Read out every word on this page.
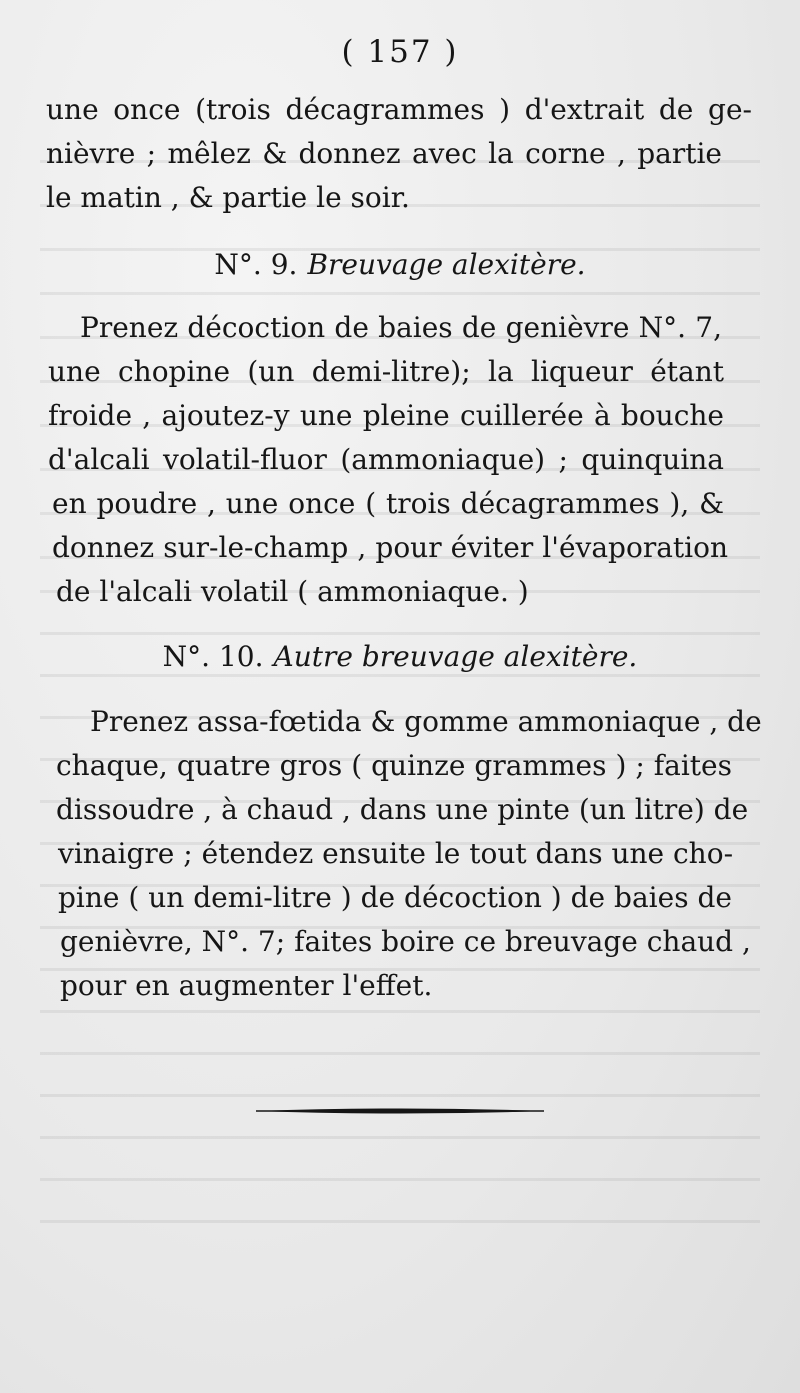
( 157 )
une once (trois décagrammes ) d'extrait de ge-
nièvre ; mêlez & donnez avec la corne , partie
le matin , & partie le soir.
N°. 9. Breuvage alexitère.
Prenez décoction de baies de genièvre N°. 7,
une chopine (un demi-litre); la liqueur étant
froide , ajoutez-y une pleine cuillerée à bouche
d'alcali volatil-fluor (ammoniaque) ; quinquina
en poudre , une once ( trois décagrammes ), &
donnez sur-le-champ , pour éviter l'évaporation
de l'alcali volatil ( ammoniaque. )
N°. 10. Autre breuvage alexitère.
Prenez assa-fœtida & gomme ammoniaque , de
chaque, quatre gros ( quinze grammes ) ; faites
dissoudre , à chaud , dans une pinte (un litre) de
vinaigre ; étendez ensuite le tout dans une cho-
pine ( un demi-litre ) de décoction ) de baies de
genièvre, N°. 7; faites boire ce breuvage chaud ,
pour en augmenter l'effet.
